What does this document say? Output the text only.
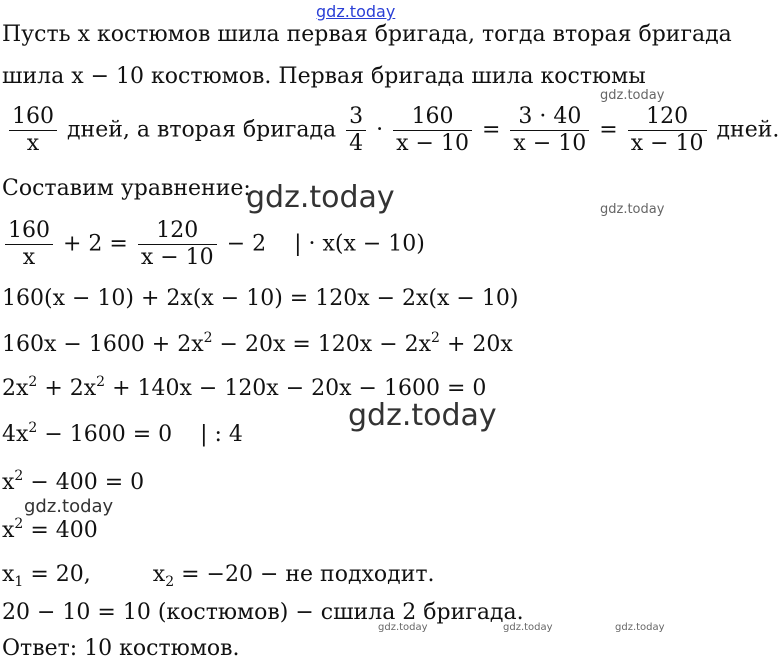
gdz.today
gdz.today
gdz.today	gdz.today
gdz.today
gdz.today
gdz.today	gdz.today	gdz.today
Пусть x костюмов шила первая бригада, тогда вторая бригада
шила x − 10 костюмов. Первая бригада шила костюмы
$\frac{160}{x}$ дней, а вторая бригада $\frac{3}{4} \cdot \frac{160}{x - 10} = \frac{3 \cdot 40}{x - 10} = \frac{120}{x - 10}$ дней.
Составим уравнение:
$\frac{160}{x} + 2 = \frac{120}{x - 10} - 2$    | · x(x − 10)
160(x − 10) + 2x(x − 10) = 120x − 2x(x − 10)
$160x - 1600 + 2x^2 - 20x = 120x - 2x^2 + 20x$
$2x^2 + 2x^2 + 140x - 120x - 20x - 1600 = 0$
$4x^2 - 1600 = 0$    | : 4
$x^2 - 400 = 0$
$x^2 = 400$
$x_1 = 20$,	$x_2 = -20$ − не подходит.
20 − 10 = 10 (костюмов) − сшила 2 бригада.
Ответ: 10 костюмов.
